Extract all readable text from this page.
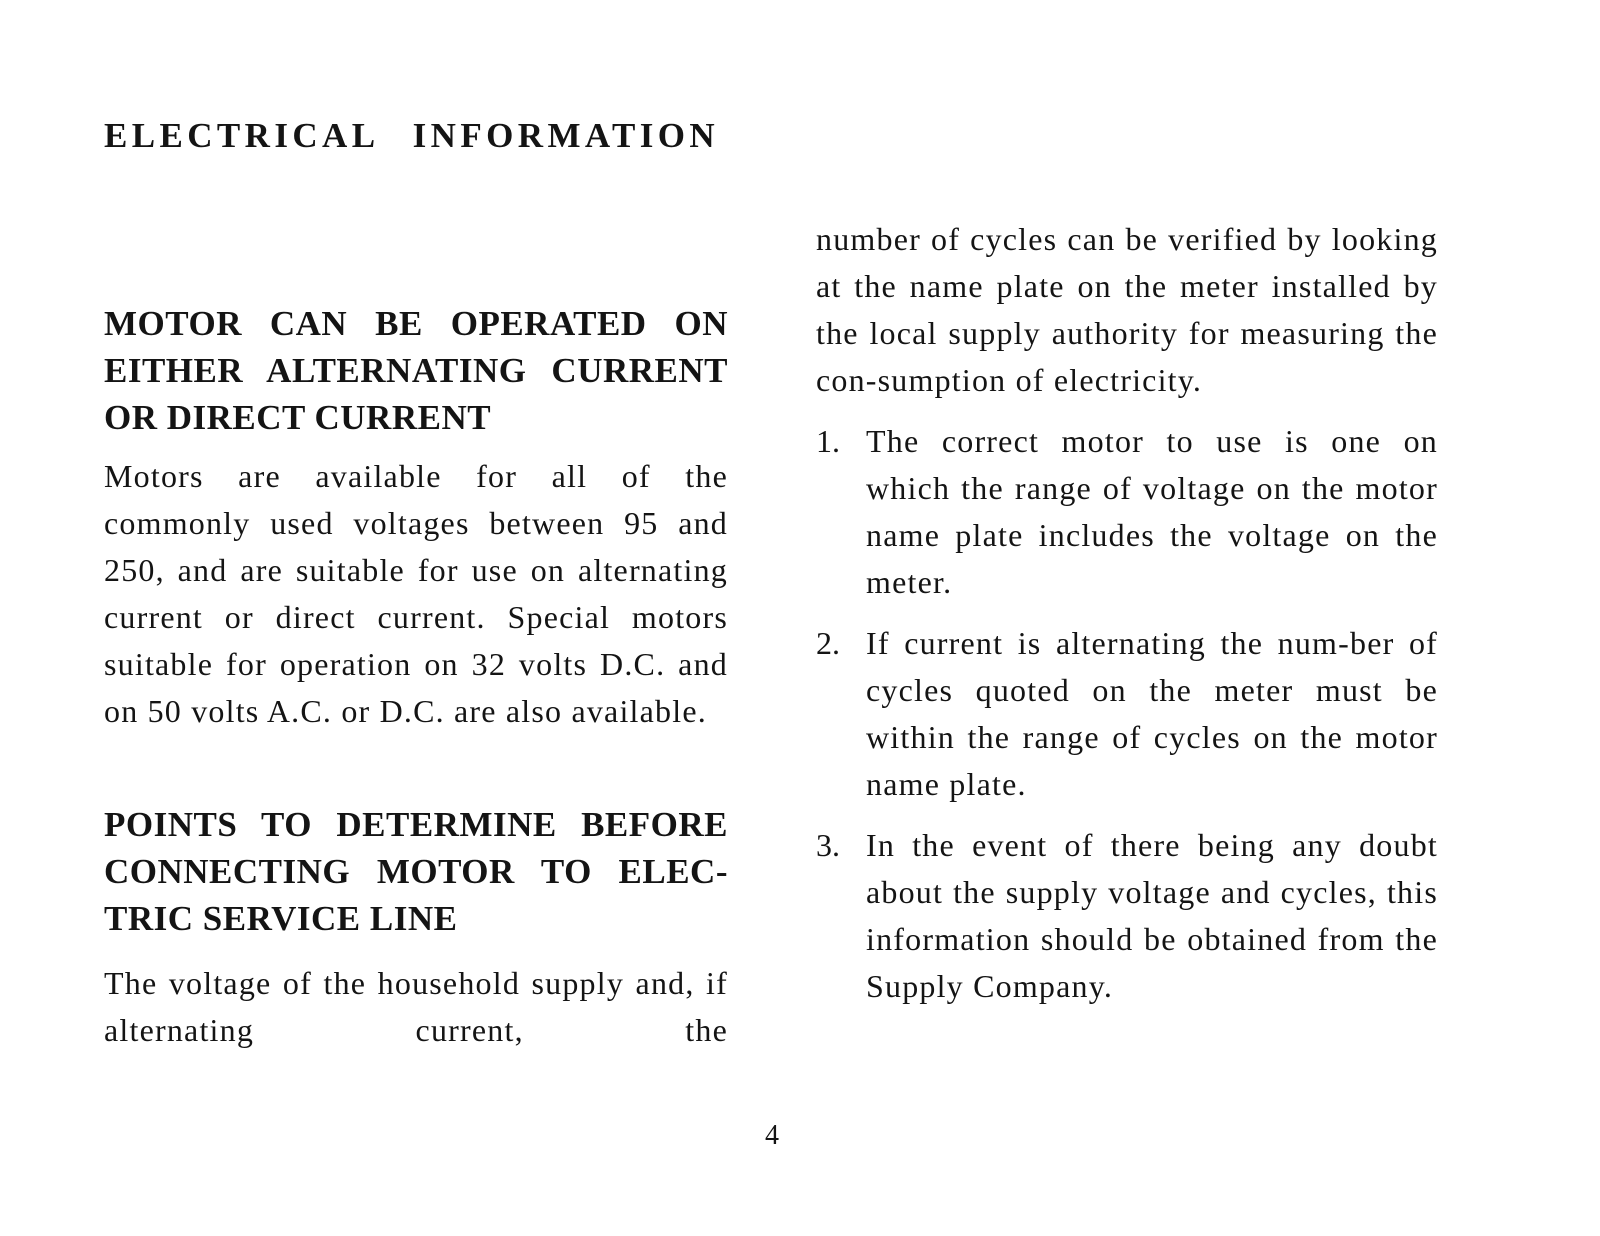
ELECTRICAL INFORMATION
MOTOR CAN BE OPERATED ON EITHER ALTERNATING CURRENT OR DIRECT CURRENT

Motors are available for all of the commonly used voltages between 95 and 250, and are suitable for use on alternating current or direct current. Special motors suitable for operation on 32 volts D.C. and on 50 volts A.C. or D.C. are also available.

POINTS TO DETERMINE BEFORE CONNECTING MOTOR TO ELEC-TRIC SERVICE LINE

The voltage of the household supply and, if alternating current, the

number of cycles can be verified by looking at the name plate on the meter installed by the local supply authority for measuring the con-sumption of electricity.

1. The correct motor to use is one on which the range of voltage on the motor name plate includes the voltage on the meter.

2. If current is alternating the num-ber of cycles quoted on the meter must be within the range of cycles on the motor name plate.

3. In the event of there being any doubt about the supply voltage and cycles, this information should be obtained from the Supply Company.

4
